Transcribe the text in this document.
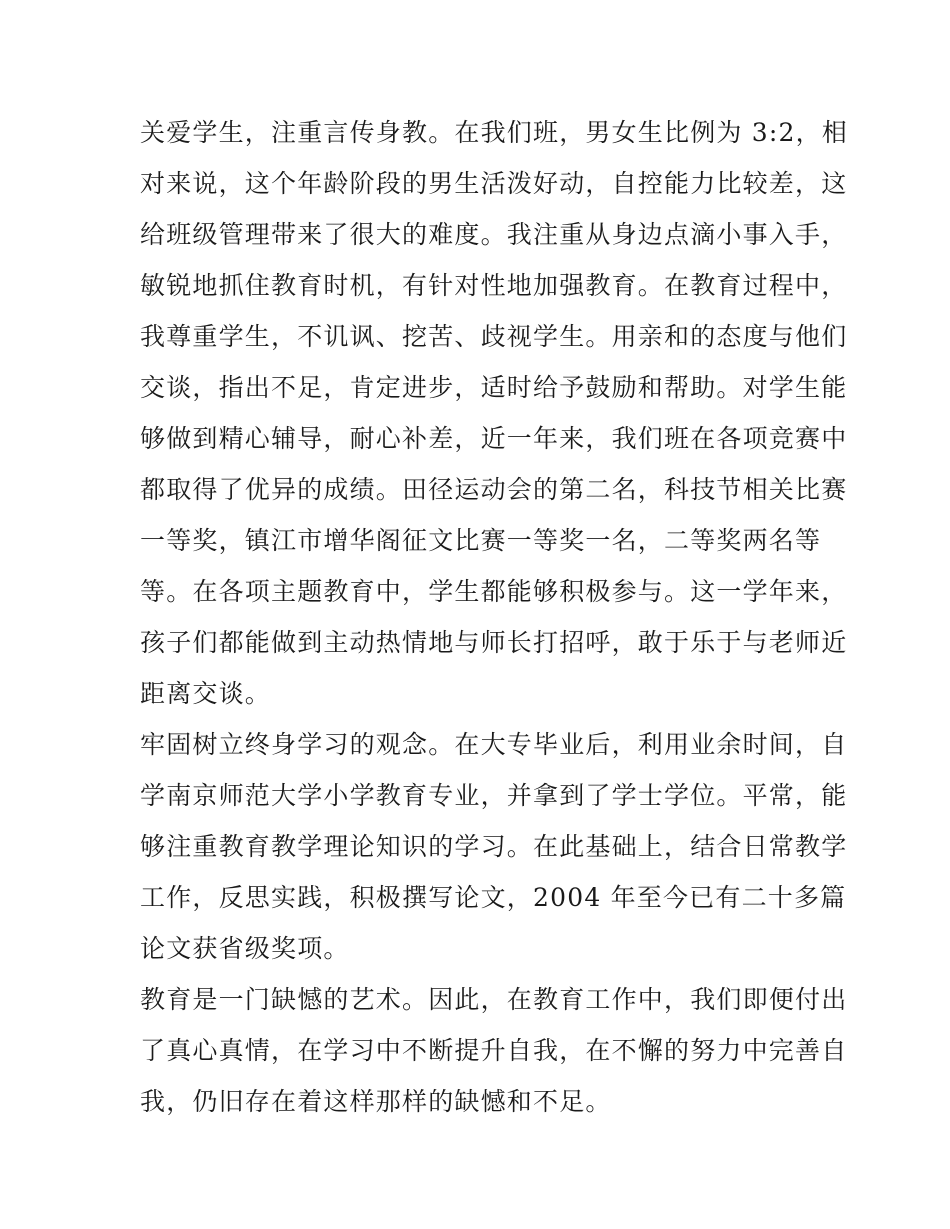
关爱学生，注重言传身教。在我们班，男女生比例为 3:2，相
对来说，这个年龄阶段的男生活泼好动，自控能力比较差，这
给班级管理带来了很大的难度。我注重从身边点滴小事入手，
敏锐地抓住教育时机，有针对性地加强教育。在教育过程中，
我尊重学生，不讥讽、挖苦、歧视学生。用亲和的态度与他们
交谈，指出不足，肯定进步，适时给予鼓励和帮助。对学生能
够做到精心辅导，耐心补差，近一年来，我们班在各项竞赛中
都取得了优异的成绩。田径运动会的第二名，科技节相关比赛
一等奖，镇江市增华阁征文比赛一等奖一名，二等奖两名等
等。在各项主题教育中，学生都能够积极参与。这一学年来，
孩子们都能做到主动热情地与师长打招呼，敢于乐于与老师近
距离交谈。
牢固树立终身学习的观念。在大专毕业后，利用业余时间，自
学南京师范大学小学教育专业，并拿到了学士学位。平常，能
够注重教育教学理论知识的学习。在此基础上，结合日常教学
工作，反思实践，积极撰写论文，2004 年至今已有二十多篇
论文获省级奖项。
教育是一门缺憾的艺术。因此，在教育工作中，我们即便付出
了真心真情，在学习中不断提升自我，在不懈的努力中完善自
我，仍旧存在着这样那样的缺憾和不足。
